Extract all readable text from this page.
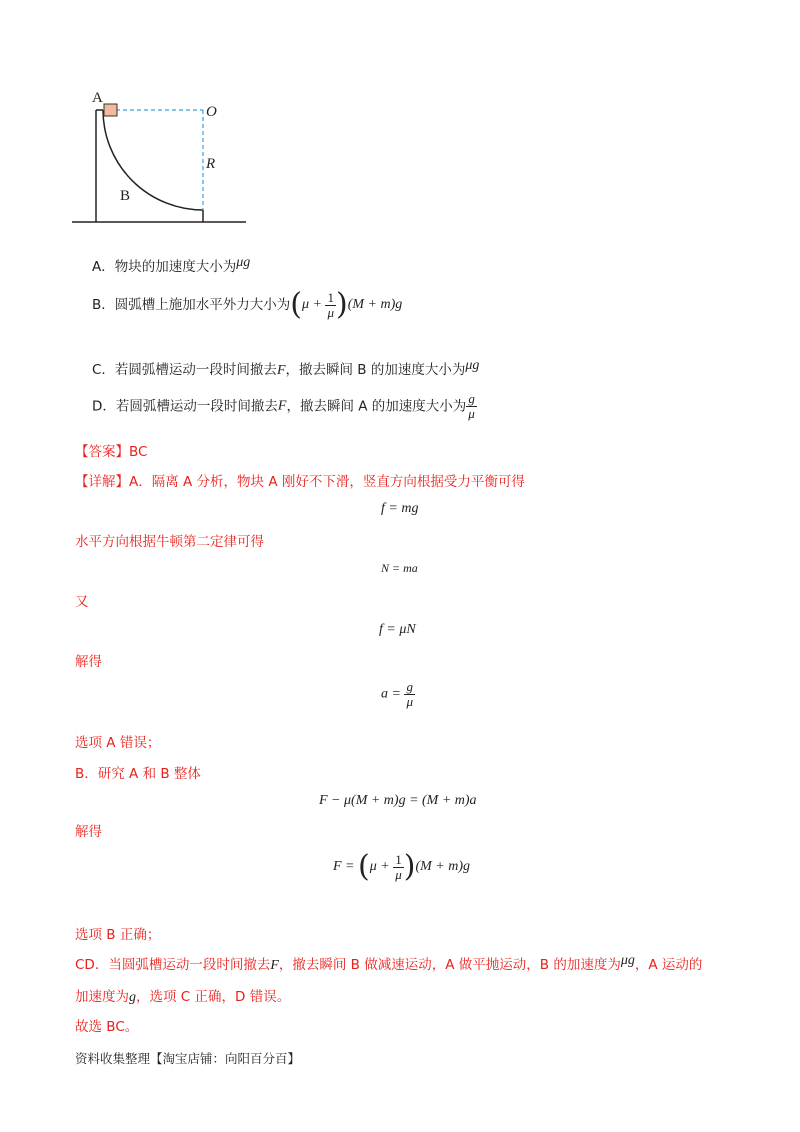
A
O
R
B
A．物块的加速度大小为μg
B．圆弧槽上施加水平外力大小为$(\mu + \frac{1}{\mu} )(M + m)g$
C．若圆弧槽运动一段时间撤去F，撤去瞬间 B 的加速度大小为μg
D．若圆弧槽运动一段时间撤去F，撤去瞬间 A 的加速度大小为 $\frac{g}{\mu}$
【答案】BC
【详解】A．隔离 A 分析，物块 A 刚好不下滑，竖直方向根据受力平衡可得
f = mg
水平方向根据牛顿第二定律可得
N = ma
又
f = μN
解得
$a = \frac{g}{\mu}$
选项 A 错误；
B．研究 A 和 B 整体
F − μ(M + m)g = (M + m)a
解得
$F = (\mu + \frac{1}{\mu} )(M + m)g$
选项 B 正确；
CD．当圆弧槽运动一段时间撤去F，撤去瞬间 B 做减速运动，A 做平抛运动，B 的加速度为μg，A 运动的
加速度为g，选项 C 正确，D 错误。
故选 BC。
资料收集整理【淘宝店铺：向阳百分百】
